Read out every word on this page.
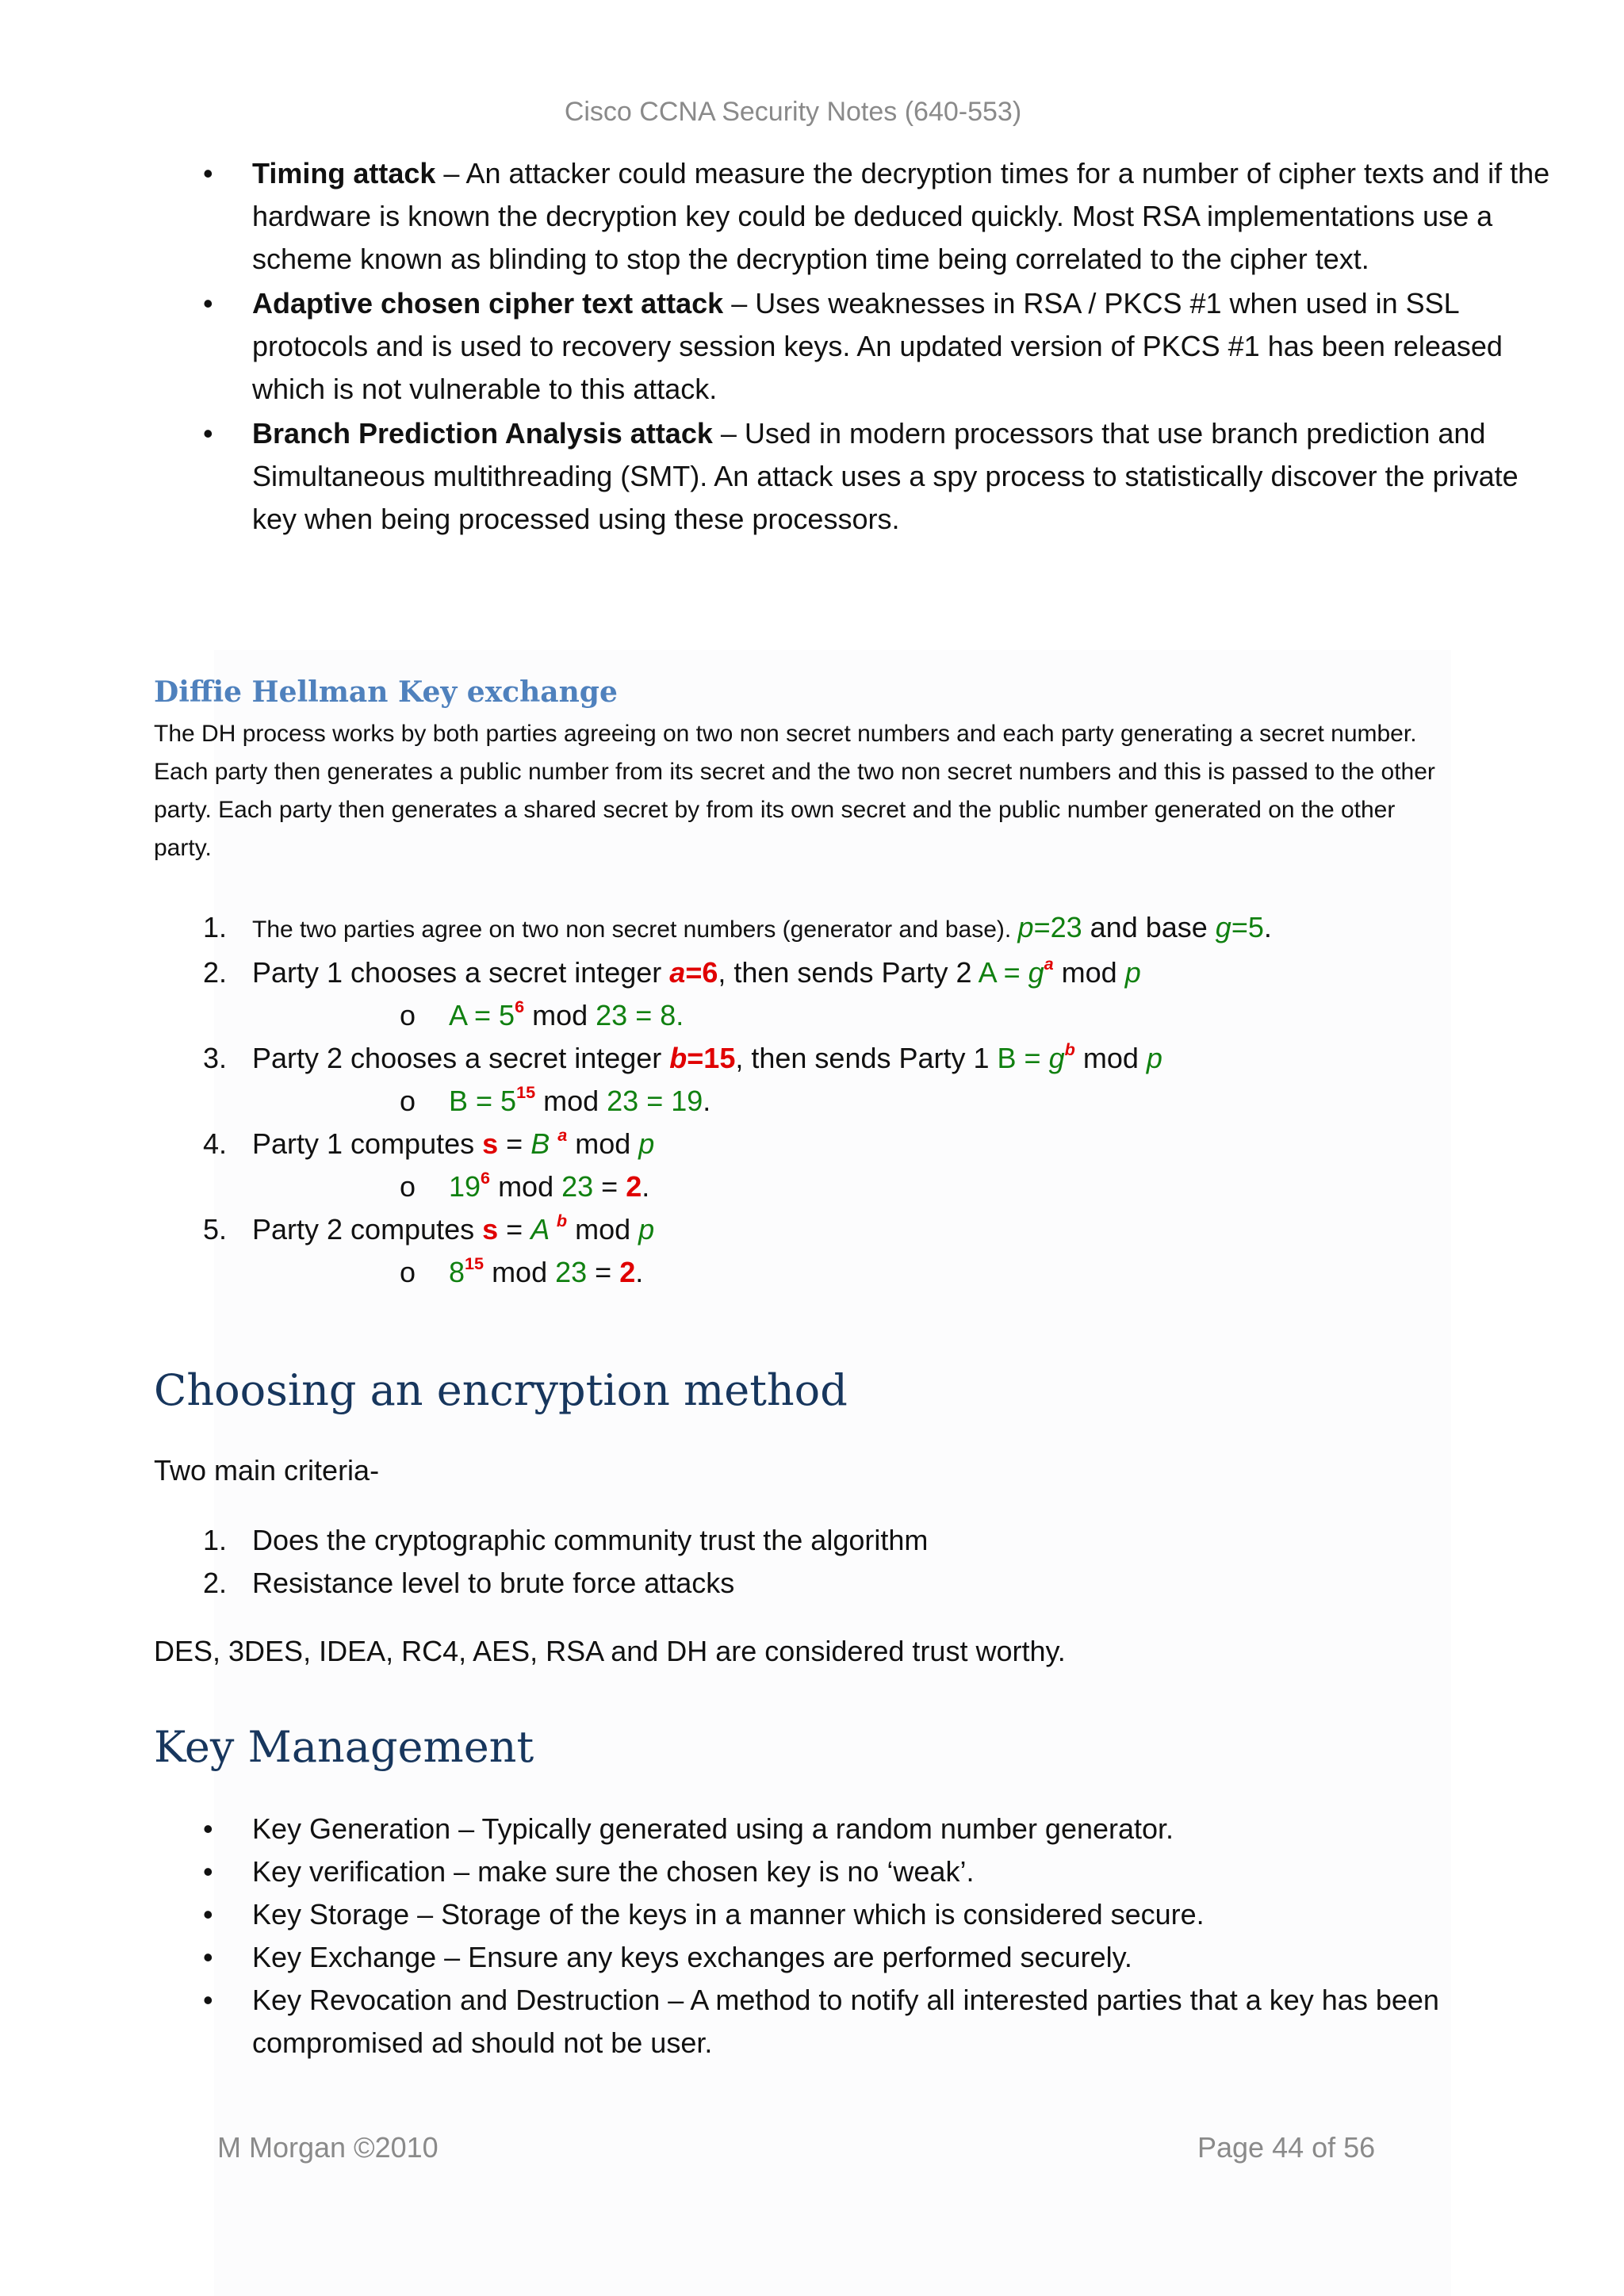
Cisco CCNA Security Notes (640-553)
• Timing attack – An attacker could measure the decryption times for a number of cipher texts and if the hardware is known the decryption key could be deduced quickly. Most RSA implementations use a scheme known as blinding to stop the decryption time being correlated to the cipher text.
• Adaptive chosen cipher text attack – Uses weaknesses in RSA / PKCS #1 when used in SSL protocols and is used to recovery session keys. An updated version of PKCS #1 has been released which is not vulnerable to this attack.
• Branch Prediction Analysis attack – Used in modern processors that use branch prediction and Simultaneous multithreading (SMT). An attack uses a spy process to statistically discover the private key when being processed using these processors.
Diffie Hellman Key exchange

The DH process works by both parties agreeing on two non secret numbers and each party generating a secret number. Each party then generates a public number from its secret and the two non secret numbers and this is passed to the other party. Each party then generates a shared secret by from its own secret and the public number generated on the other party.

1. The two parties agree on two non secret numbers (generator and base). p=23 and base g=5.
2. Party 1 chooses a secret integer a=6, then sends Party 2 $A = g^a$ mod p
o $A = 5^6$ mod 23 = 8.
3. Party 2 chooses a secret integer b=15, then sends Party 1 $B = g^b$ mod p
o $B = 5^{15}$ mod 23 = 19.
4. Party 1 computes s = B $^a$ mod p
o $19^6$ mod 23 = 2.
5. Party 2 computes s = A $^b$ mod p
o $8^{15}$ mod 23 = 2.
Choosing an encryption method

Two main criteria-

1. Does the cryptographic community trust the algorithm
2. Resistance level to brute force attacks

DES, 3DES, IDEA, RC4, AES, RSA and DH are considered trust worthy.

Key Management
• Key Generation – Typically generated using a random number generator.
• Key verification – make sure the chosen key is no ‘weak’.
• Key Storage – Storage of the keys in a manner which is considered secure.
• Key Exchange – Ensure any keys exchanges are performed securely.
• Key Revocation and Destruction – A method to notify all interested parties that a key has been compromised ad should not be user.
M Morgan ©2010	Page 44 of 56
